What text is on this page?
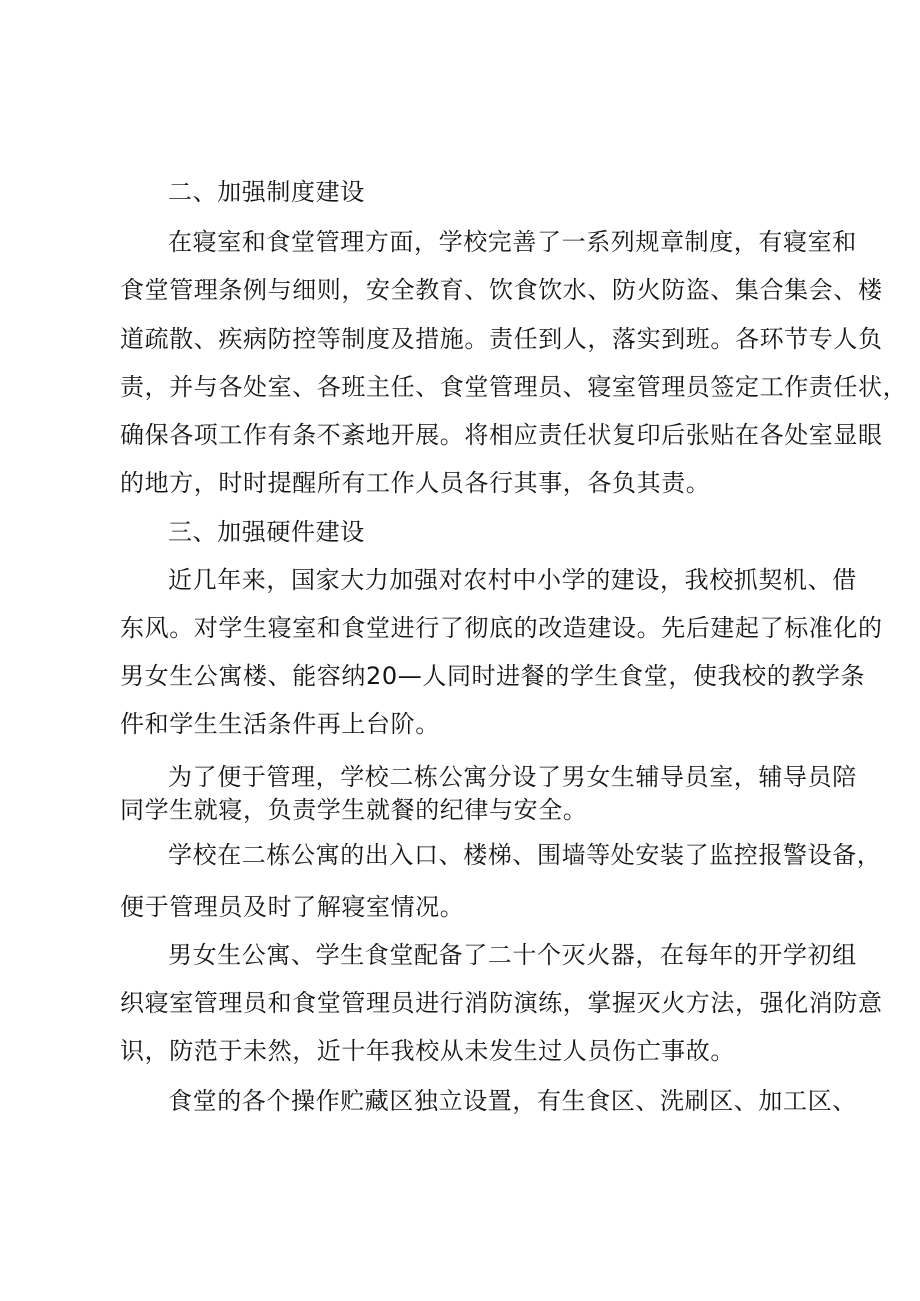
二、加强制度建设
在寝室和食堂管理方面，学校完善了一系列规章制度，有寝室和
食堂管理条例与细则，安全教育、饮食饮水、防火防盗、集合集会、楼
道疏散、疾病防控等制度及措施。责任到人，落实到班。各环节专人负
责，并与各处室、各班主任、食堂管理员、寝室管理员签定工作责任状，
确保各项工作有条不紊地开展。将相应责任状复印后张贴在各处室显眼
的地方，时时提醒所有工作人员各行其事，各负其责。
三、加强硬件建设
近几年来，国家大力加强对农村中小学的建设，我校抓契机、借
东风。对学生寝室和食堂进行了彻底的改造建设。先后建起了标准化的
男女生公寓楼、能容纳20—人同时进餐的学生食堂，使我校的教学条
件和学生生活条件再上台阶。
为了便于管理，学校二栋公寓分设了男女生辅导员室，辅导员陪
同学生就寝，负责学生就餐的纪律与安全。
学校在二栋公寓的出入口、楼梯、围墙等处安装了监控报警设备，
便于管理员及时了解寝室情况。
男女生公寓、学生食堂配备了二十个灭火器，在每年的开学初组
织寝室管理员和食堂管理员进行消防演练，掌握灭火方法，强化消防意
识，防范于未然，近十年我校从未发生过人员伤亡事故。
食堂的各个操作贮藏区独立设置，有生食区、洗刷区、加工区、
